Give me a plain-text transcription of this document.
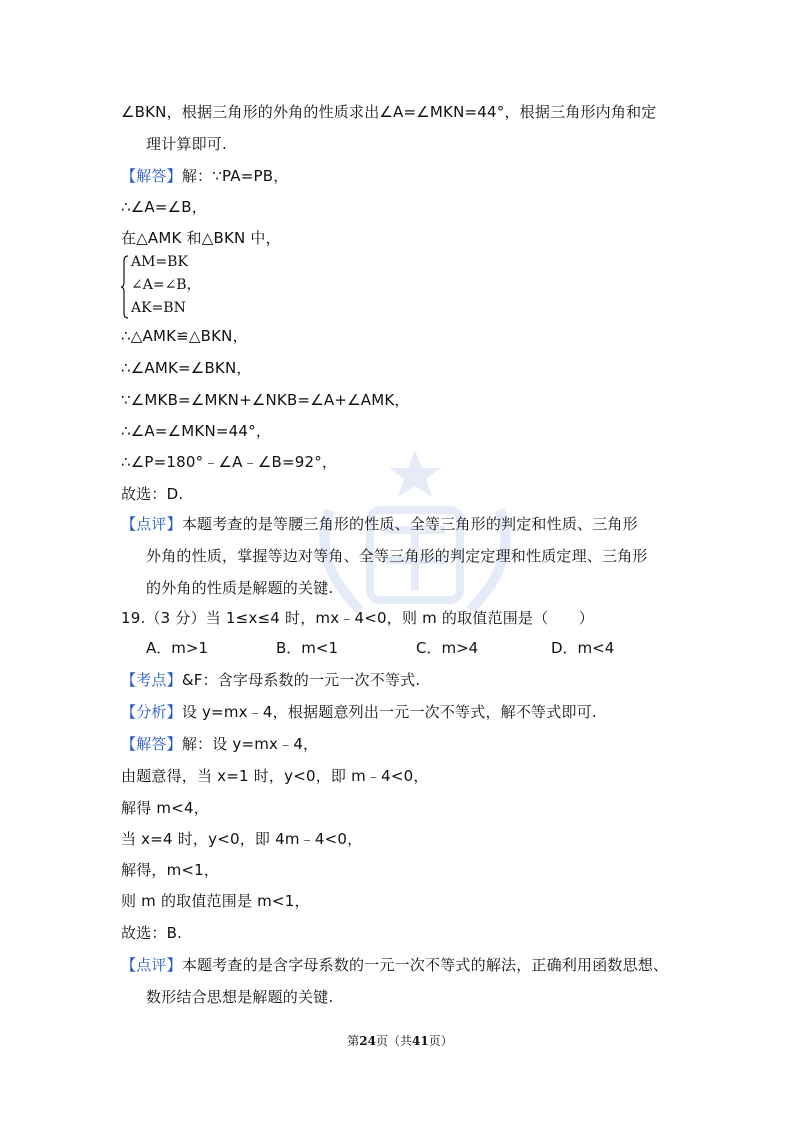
∠BKN，根据三角形的外角的性质求出∠A=∠MKN=44°，根据三角形内角和定
理计算即可.
【解答】解：∵PA=PB，
∴∠A=∠B，
在△AMK 和△BKN 中，
AM=BK
∠A=∠B，
AK=BN
∴△AMK≌△BKN，
∴∠AMK=∠BKN，
∵∠MKB=∠MKN+∠NKB=∠A+∠AMK，
∴∠A=∠MKN=44°，
∴∠P=180°﹣∠A﹣∠B=92°，
故选：D.
【点评】本题考查的是等腰三角形的性质、全等三角形的判定和性质、三角形
外角的性质，掌握等边对等角、全等三角形的判定定理和性质定理、三角形
的外角的性质是解题的关键.
19.（3 分）当 1≤x≤4 时，mx﹣4<0，则 m 的取值范围是（　　）
A．m>1	B．m<1	C．m>4	D．m<4
【考点】&F：含字母系数的一元一次不等式.
【分析】设 y=mx﹣4，根据题意列出一元一次不等式，解不等式即可.
【解答】解：设 y=mx﹣4，
由题意得，当 x=1 时，y<0，即 m﹣4<0，
解得 m<4，
当 x=4 时，y<0，即 4m﹣4<0，
解得，m<1，
则 m 的取值范围是 m<1，
故选：B.
【点评】本题考查的是含字母系数的一元一次不等式的解法，正确利用函数思想、
数形结合思想是解题的关键.
第24页（共41页）
